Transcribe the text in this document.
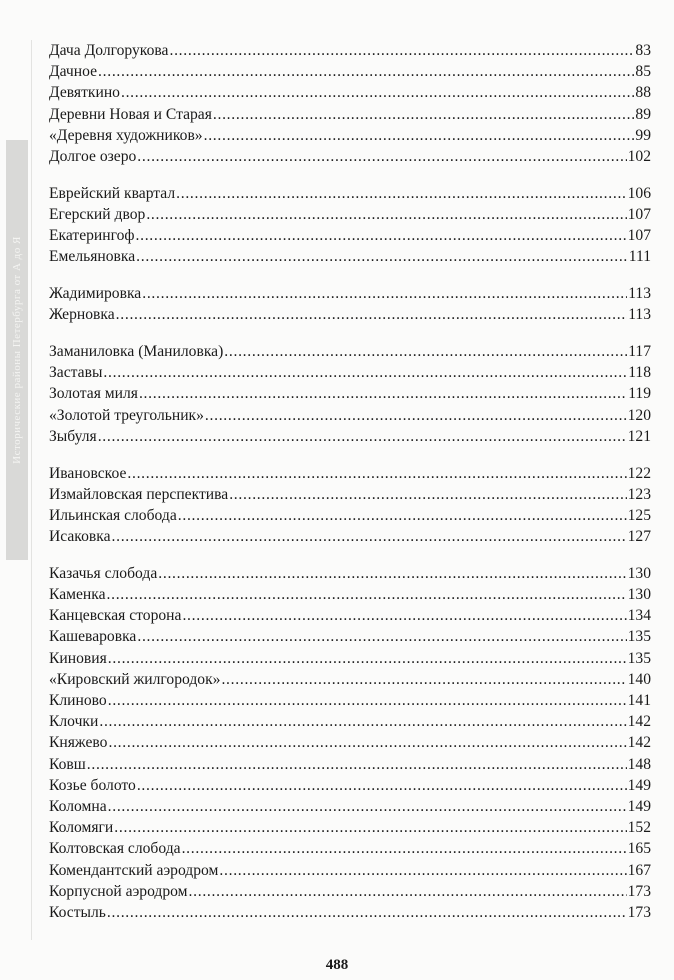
Исторические районы Петербурга от А до Я
Дача Долгорукова . . .	83
Дачное . . .	85
Девяткино . . .	88
Деревни Новая и Старая . . .	89
«Деревня художников» . . .	99
Долгое озеро . . .	102
Еврейский квартал . . .	106
Егерский двор . . .	107
Екатерингоф . . .	107
Емельяновка . . .	111
Жадимировка . . .	113
Жерновка . . .	113
Заманиловка (Маниловка) . . .	117
Заставы . . .	118
Золотая миля . . .	119
«Золотой треугольник» . . .	120
Зыбуля . . .	121
Ивановское . . .	122
Измайловская перспектива . . .	123
Ильинская слобода . . .	125
Исаковка . . .	127
Казачья слобода . . .	130
Каменка . . .	130
Канцевская сторона . . .	134
Кашеваровка . . .	135
Киновия . . .	135
«Кировский жилгородок» . . .	140
Клиново . . .	141
Клочки . . .	142
Княжево . . .	142
Ковш . . .	148
Козье болото . . .	149
Коломна . . .	149
Коломяги . . .	152
Колтовская слобода . . .	165
Комендантский аэродром . . .	167
Корпусной аэродром . . .	173
Костыль . . .	173
488
